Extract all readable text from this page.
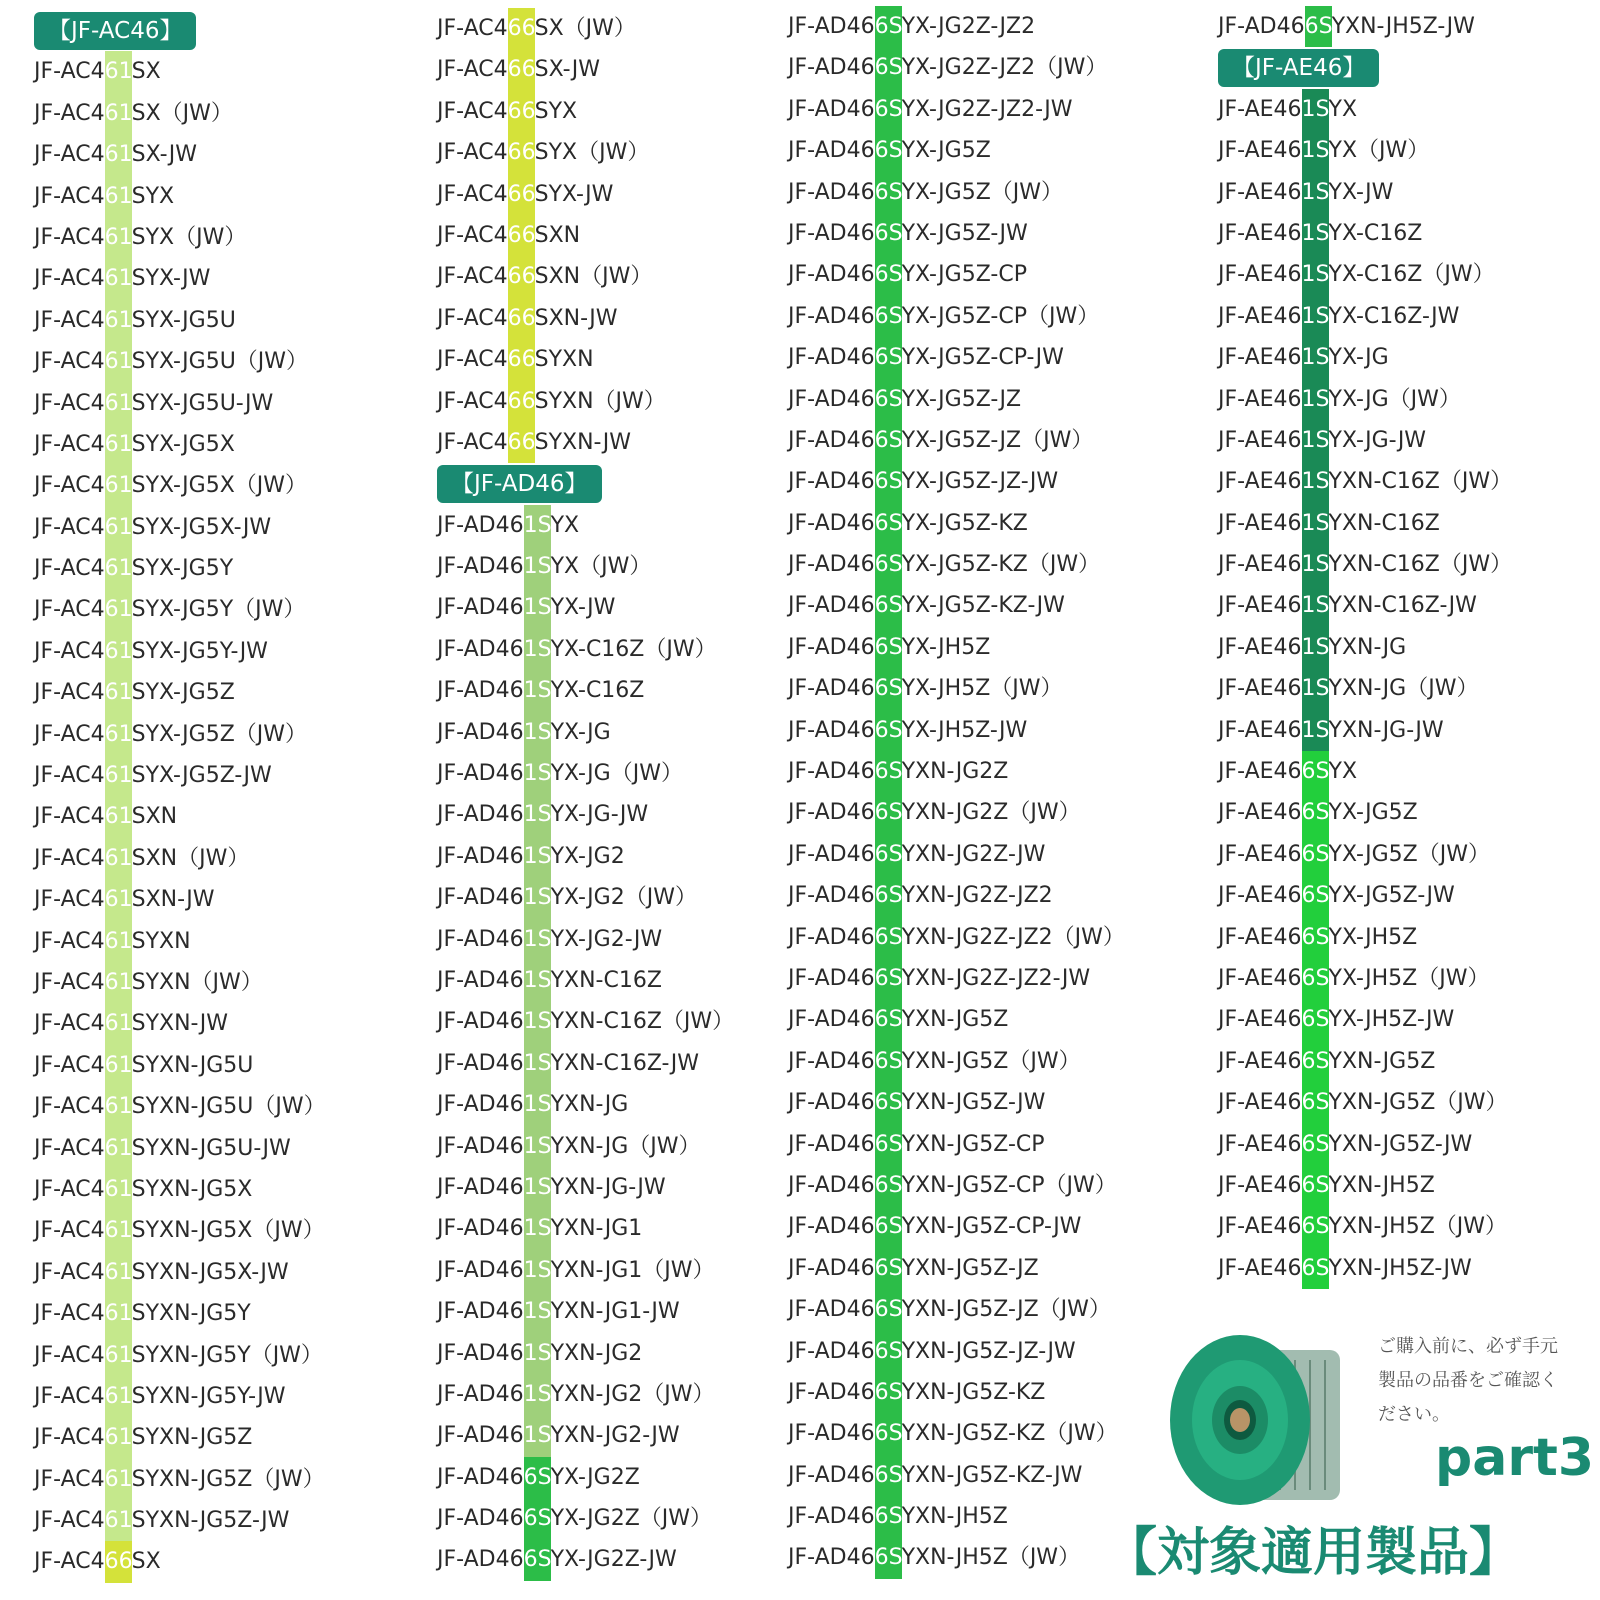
【JF-AC46】
JF-AC461SX
JF-AC461SX（JW）
JF-AC461SX-JW
JF-AC461SYX
JF-AC461SYX（JW）
JF-AC461SYX-JW
JF-AC461SYX-JG5U
JF-AC461SYX-JG5U（JW）
JF-AC461SYX-JG5U-JW
JF-AC461SYX-JG5X
JF-AC461SYX-JG5X（JW）
JF-AC461SYX-JG5X-JW
JF-AC461SYX-JG5Y
JF-AC461SYX-JG5Y（JW）
JF-AC461SYX-JG5Y-JW
JF-AC461SYX-JG5Z
JF-AC461SYX-JG5Z（JW）
JF-AC461SYX-JG5Z-JW
JF-AC461SXN
JF-AC461SXN（JW）
JF-AC461SXN-JW
JF-AC461SYXN
JF-AC461SYXN（JW）
JF-AC461SYXN-JW
JF-AC461SYXN-JG5U
JF-AC461SYXN-JG5U（JW）
JF-AC461SYXN-JG5U-JW
JF-AC461SYXN-JG5X
JF-AC461SYXN-JG5X（JW）
JF-AC461SYXN-JG5X-JW
JF-AC461SYXN-JG5Y
JF-AC461SYXN-JG5Y（JW）
JF-AC461SYXN-JG5Y-JW
JF-AC461SYXN-JG5Z
JF-AC461SYXN-JG5Z（JW）
JF-AC461SYXN-JG5Z-JW
JF-AC466SX
JF-AC466SX（JW）
JF-AC466SX-JW
JF-AC466SYX
JF-AC466SYX（JW）
JF-AC466SYX-JW
JF-AC466SXN
JF-AC466SXN（JW）
JF-AC466SXN-JW
JF-AC466SYXN
JF-AC466SYXN（JW）
JF-AC466SYXN-JW
【JF-AD46】
JF-AD461SYX
JF-AD461SYX（JW）
JF-AD461SYX-JW
JF-AD461SYX-C16Z（JW）
JF-AD461SYX-C16Z
JF-AD461SYX-JG
JF-AD461SYX-JG（JW）
JF-AD461SYX-JG-JW
JF-AD461SYX-JG2
JF-AD461SYX-JG2（JW）
JF-AD461SYX-JG2-JW
JF-AD461SYXN-C16Z
JF-AD461SYXN-C16Z（JW）
JF-AD461SYXN-C16Z-JW
JF-AD461SYXN-JG
JF-AD461SYXN-JG（JW）
JF-AD461SYXN-JG-JW
JF-AD461SYXN-JG1
JF-AD461SYXN-JG1（JW）
JF-AD461SYXN-JG1-JW
JF-AD461SYXN-JG2
JF-AD461SYXN-JG2（JW）
JF-AD461SYXN-JG2-JW
JF-AD466SYX-JG2Z
JF-AD466SYX-JG2Z（JW）
JF-AD466SYX-JG2Z-JW
JF-AD466SYX-JG2Z-JZ2
JF-AD466SYX-JG2Z-JZ2（JW）
JF-AD466SYX-JG2Z-JZ2-JW
JF-AD466SYX-JG5Z
JF-AD466SYX-JG5Z（JW）
JF-AD466SYX-JG5Z-JW
JF-AD466SYX-JG5Z-CP
JF-AD466SYX-JG5Z-CP（JW）
JF-AD466SYX-JG5Z-CP-JW
JF-AD466SYX-JG5Z-JZ
JF-AD466SYX-JG5Z-JZ（JW）
JF-AD466SYX-JG5Z-JZ-JW
JF-AD466SYX-JG5Z-KZ
JF-AD466SYX-JG5Z-KZ（JW）
JF-AD466SYX-JG5Z-KZ-JW
JF-AD466SYX-JH5Z
JF-AD466SYX-JH5Z（JW）
JF-AD466SYX-JH5Z-JW
JF-AD466SYXN-JG2Z
JF-AD466SYXN-JG2Z（JW）
JF-AD466SYXN-JG2Z-JW
JF-AD466SYXN-JG2Z-JZ2
JF-AD466SYXN-JG2Z-JZ2（JW）
JF-AD466SYXN-JG2Z-JZ2-JW
JF-AD466SYXN-JG5Z
JF-AD466SYXN-JG5Z（JW）
JF-AD466SYXN-JG5Z-JW
JF-AD466SYXN-JG5Z-CP
JF-AD466SYXN-JG5Z-CP（JW）
JF-AD466SYXN-JG5Z-CP-JW
JF-AD466SYXN-JG5Z-JZ
JF-AD466SYXN-JG5Z-JZ（JW）
JF-AD466SYXN-JG5Z-JZ-JW
JF-AD466SYXN-JG5Z-KZ
JF-AD466SYXN-JG5Z-KZ（JW）
JF-AD466SYXN-JG5Z-KZ-JW
JF-AD466SYXN-JH5Z
JF-AD466SYXN-JH5Z（JW）
JF-AD466SYXN-JH5Z-JW
【JF-AE46】
JF-AE461SYX
JF-AE461SYX（JW）
JF-AE461SYX-JW
JF-AE461SYX-C16Z
JF-AE461SYX-C16Z（JW）
JF-AE461SYX-C16Z-JW
JF-AE461SYX-JG
JF-AE461SYX-JG（JW）
JF-AE461SYX-JG-JW
JF-AE461SYXN-C16Z（JW）
JF-AE461SYXN-C16Z
JF-AE461SYXN-C16Z（JW）
JF-AE461SYXN-C16Z-JW
JF-AE461SYXN-JG
JF-AE461SYXN-JG（JW）
JF-AE461SYXN-JG-JW
JF-AE466SYX
JF-AE466SYX-JG5Z
JF-AE466SYX-JG5Z（JW）
JF-AE466SYX-JG5Z-JW
JF-AE466SYX-JH5Z
JF-AE466SYX-JH5Z（JW）
JF-AE466SYX-JH5Z-JW
JF-AE466SYXN-JG5Z
JF-AE466SYXN-JG5Z（JW）
JF-AE466SYXN-JG5Z-JW
JF-AE466SYXN-JH5Z
JF-AE466SYXN-JH5Z（JW）
JF-AE466SYXN-JH5Z-JW
ご購入前に、必ず手元
製品の品番をご確認く
ださい。
part3
【対象適用製品】
